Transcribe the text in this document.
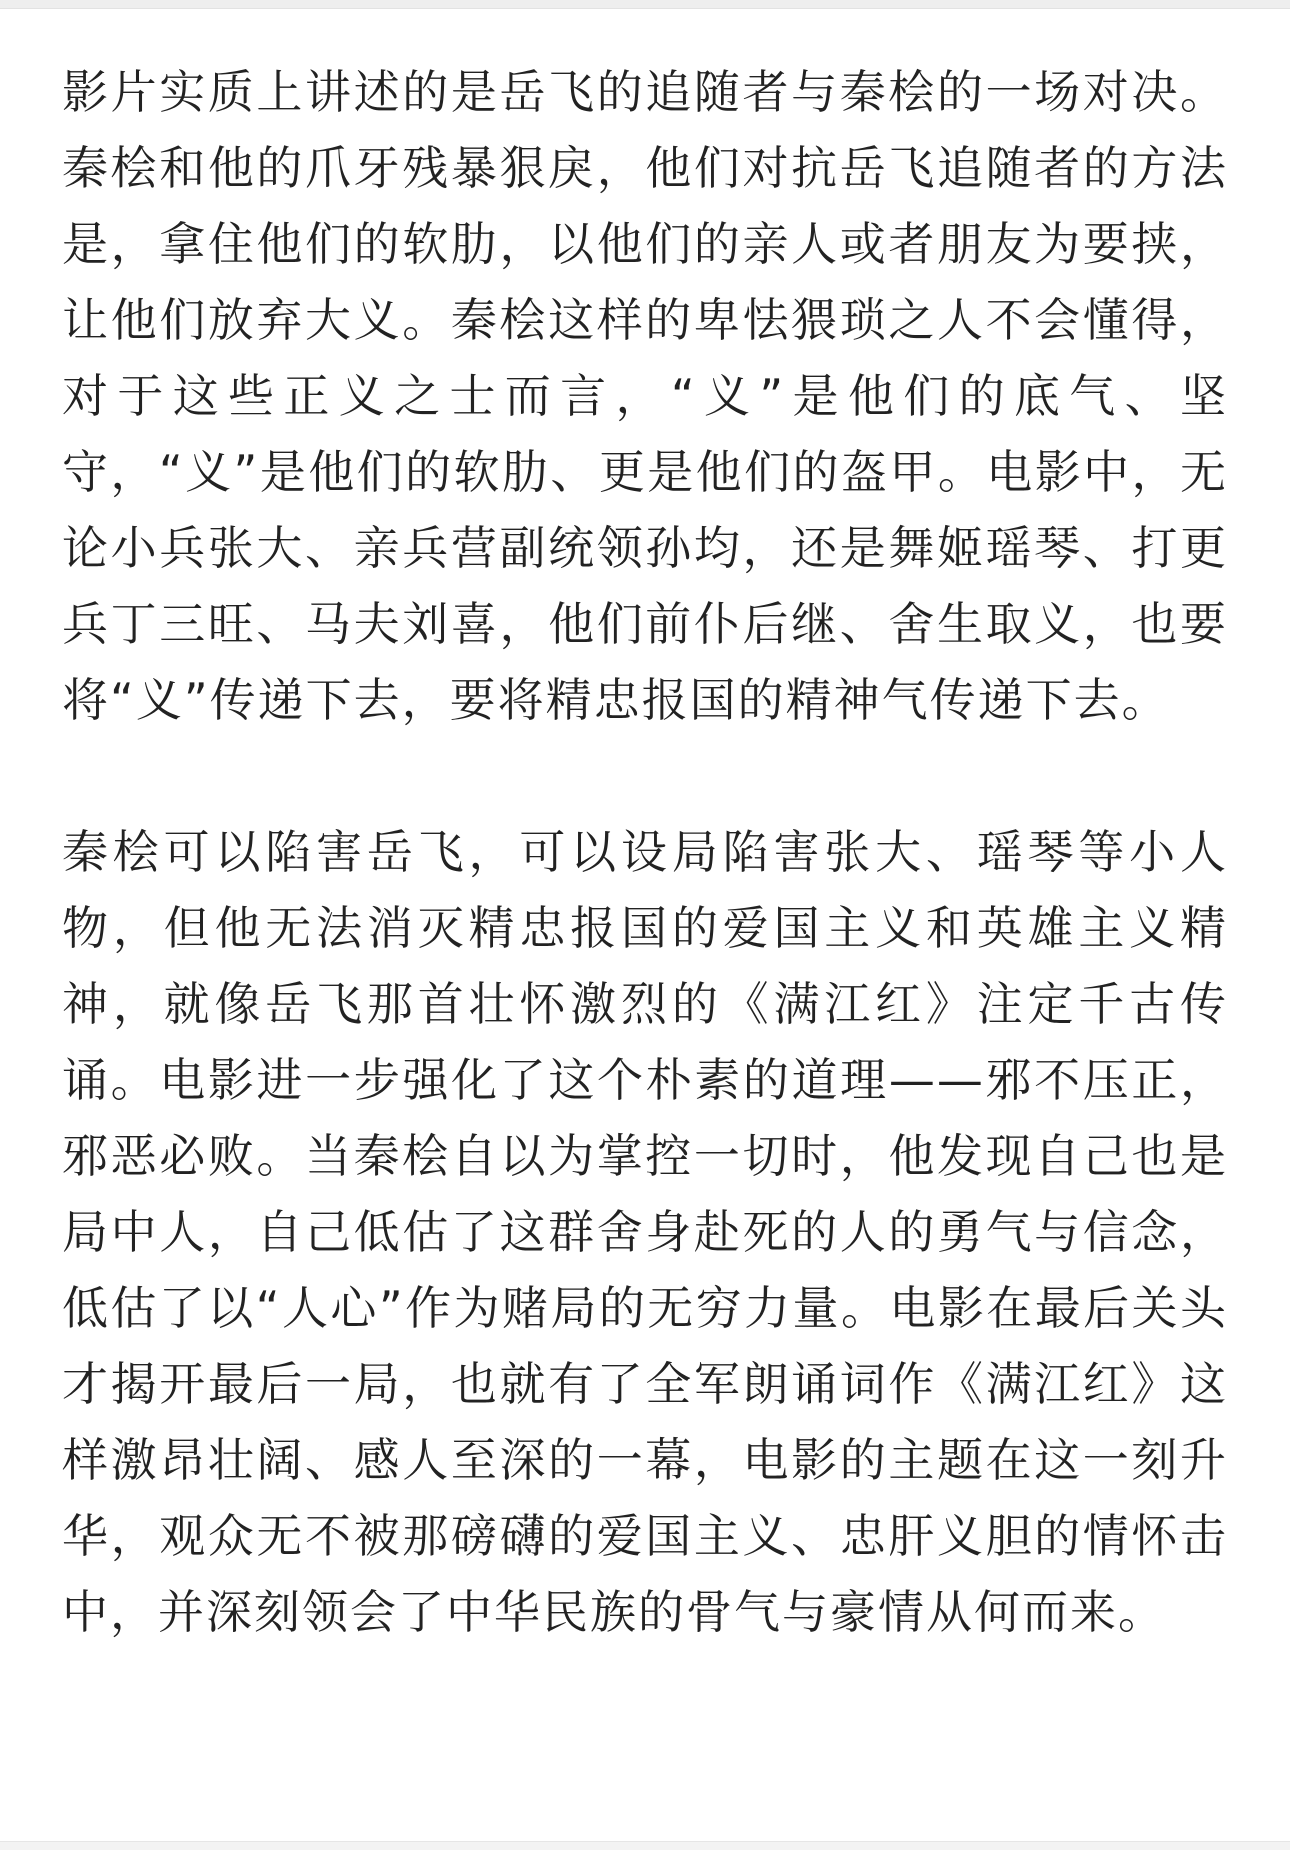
影片实质上讲述的是岳飞的追随者与秦桧的一场对决。秦桧和他的爪牙残暴狠戾，他们对抗岳飞追随者的方法是，拿住他们的软肋，以他们的亲人或者朋友为要挟，让他们放弃大义。秦桧这样的卑怯猥琐之人不会懂得，对于这些正义之士而言，“义”是他们的底气、坚守，“义”是他们的软肋、更是他们的盔甲。电影中，无论小兵张大、亲兵营副统领孙均，还是舞姬瑶琴、打更兵丁三旺、马夫刘喜，他们前仆后继、舍生取义，也要将“义”传递下去，要将精忠报国的精神气传递下去。

秦桧可以陷害岳飞，可以设局陷害张大、瑶琴等小人物，但他无法消灭精忠报国的爱国主义和英雄主义精神，就像岳飞那首壮怀激烈的《满江红》注定千古传诵。电影进一步强化了这个朴素的道理——邪不压正，邪恶必败。当秦桧自以为掌控一切时，他发现自己也是局中人，自己低估了这群舍身赴死的人的勇气与信念，低估了以“人心”作为赌局的无穷力量。电影在最后关头才揭开最后一局，也就有了全军朗诵词作《满江红》这样激昂壮阔、感人至深的一幕，电影的主题在这一刻升华，观众无不被那磅礴的爱国主义、忠肝义胆的情怀击中，并深刻领会了中华民族的骨气与豪情从何而来。
